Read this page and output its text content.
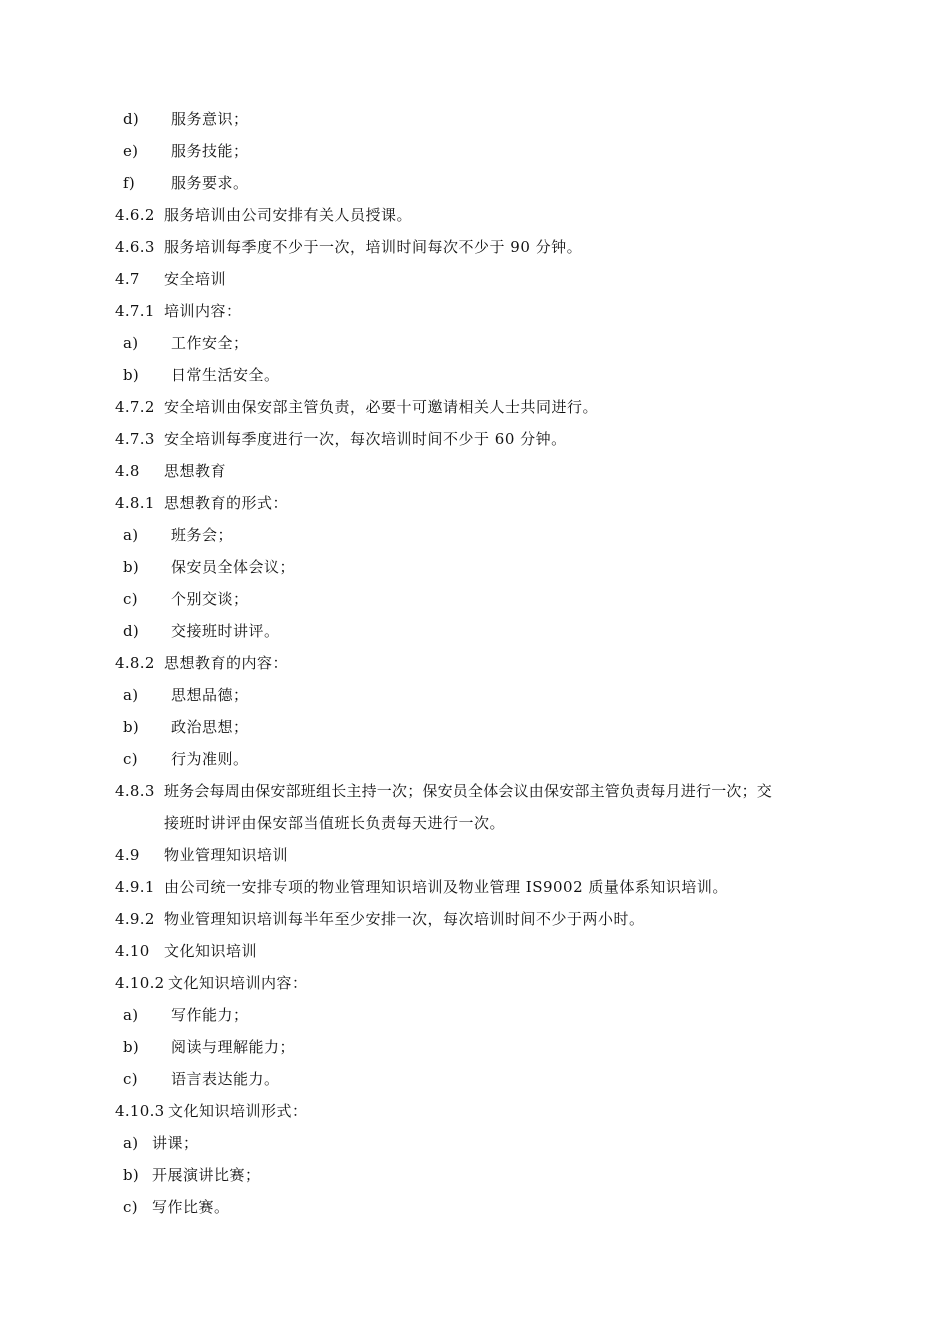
d) 服务意识；
e) 服务技能；
f) 服务要求。
4.6.2 服务培训由公司安排有关人员授课。
4.6.3 服务培训每季度不少于一次，培训时间每次不少于 90 分钟。
4.7 安全培训
4.7.1 培训内容：
a) 工作安全；
b) 日常生活安全。
4.7.2 安全培训由保安部主管负责，必要十可邀请相关人士共同进行。
4.7.3 安全培训每季度进行一次，每次培训时间不少于 60 分钟。
4.8 思想教育
4.8.1 思想教育的形式：
a) 班务会；
b) 保安员全体会议；
c) 个别交谈；
d) 交接班时讲评。
4.8.2 思想教育的内容：
a) 思想品德；
b) 政治思想；
c) 行为准则。
4.8.3 班务会每周由保安部班组长主持一次；保安员全体会议由保安部主管负责每月进行一次；交
接班时讲评由保安部当值班长负责每天进行一次。
4.9 物业管理知识培训
4.9.1 由公司统一安排专项的物业管理知识培训及物业管理 IS9002 质量体系知识培训。
4.9.2 物业管理知识培训每半年至少安排一次，每次培训时间不少于两小时。
4.10 文化知识培训
4.10.2 文化知识培训内容：
a) 写作能力；
b) 阅读与理解能力；
c) 语言表达能力。
4.10.3 文化知识培训形式：
a) 讲课；
b) 开展演讲比赛；
c) 写作比赛。
